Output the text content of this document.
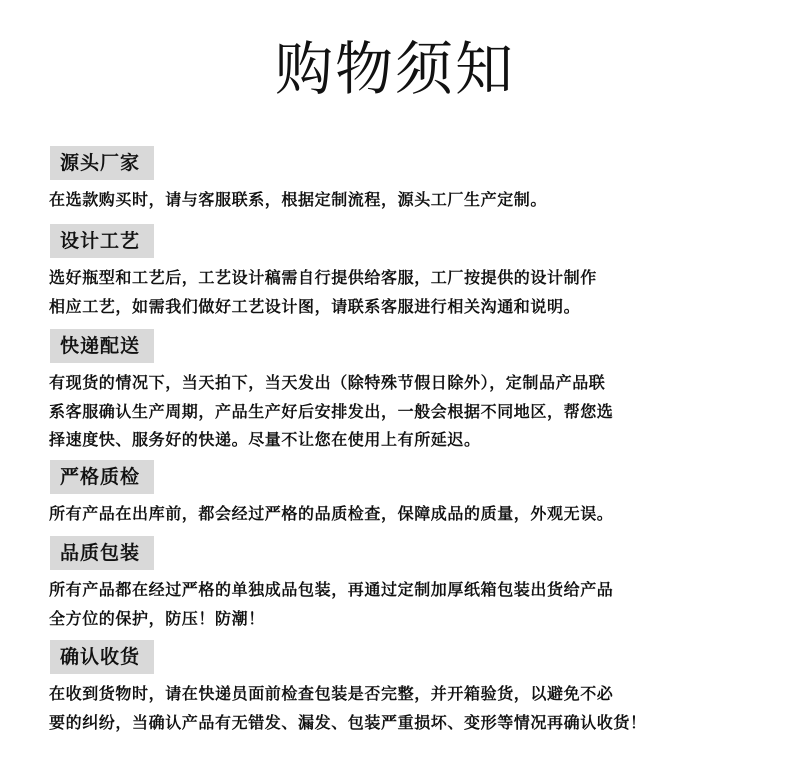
购物须知
源头厂家
在选款购买时，请与客服联系，根据定制流程，源头工厂生产定制。
设计工艺
选好瓶型和工艺后，工艺设计稿需自行提供给客服，工厂按提供的设计制作
相应工艺，如需我们做好工艺设计图，请联系客服进行相关沟通和说明。
快递配送
有现货的情况下，当天拍下，当天发出（除特殊节假日除外），定制品产品联
系客服确认生产周期，产品生产好后安排发出，一般会根据不同地区，帮您选
择速度快、服务好的快递。尽量不让您在使用上有所延迟。
严格质检
所有产品在出库前，都会经过严格的品质检查，保障成品的质量，外观无误。
品质包装
所有产品都在经过严格的单独成品包装，再通过定制加厚纸箱包装出货给产品
全方位的保护，防压！防潮！
确认收货
在收到货物时，请在快递员面前检查包装是否完整，并开箱验货，以避免不必
要的纠纷，当确认产品有无错发、漏发、包装严重损坏、变形等情况再确认收货！
